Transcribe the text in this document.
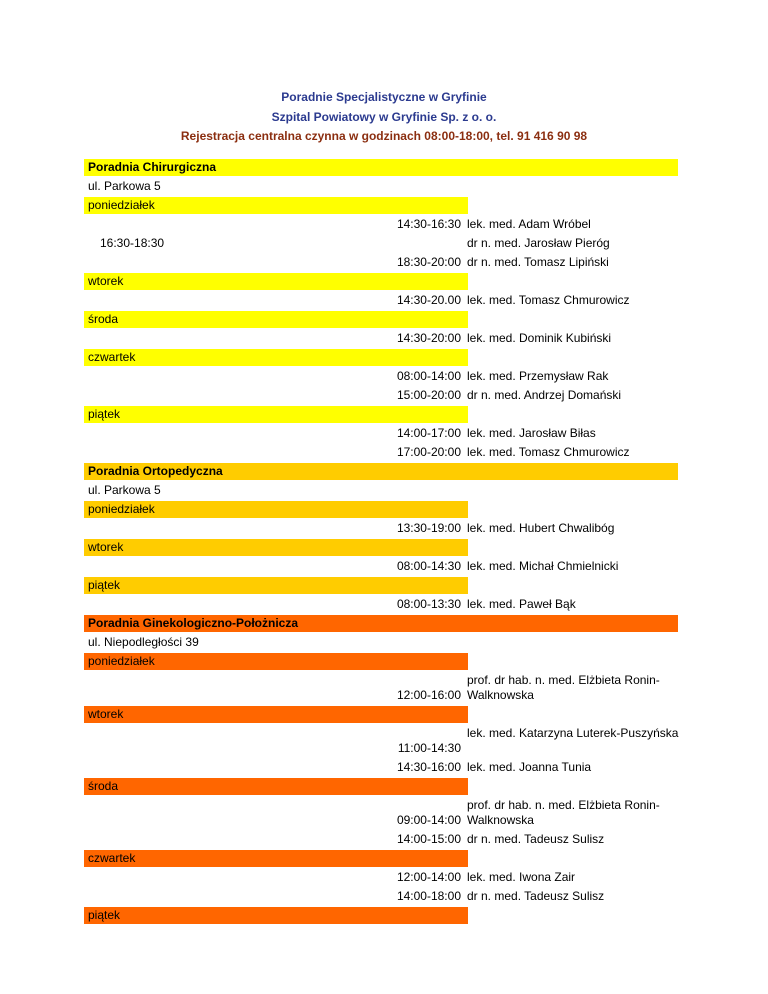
Poradnie Specjalistyczne w Gryfinie
Szpital Powiatowy w Gryfinie Sp. z o. o.
Rejestracja centralna czynna w godzinach 08:00-18:00, tel. 91 416 90 98
Poradnia Chirurgiczna
ul. Parkowa 5
poniedziałek
14:30-16:30 lek. med. Adam Wróbel
16:30-18:30	dr n. med. Jarosław Pieróg
18:30-20:00 dr n. med. Tomasz Lipiński
wtorek
14:30-20.00 lek. med. Tomasz Chmurowicz
środa
14:30-20:00 lek. med. Dominik Kubiński
czwartek
08:00-14:00 lek. med. Przemysław Rak
15:00-20:00 dr n. med. Andrzej Domański
piątek
14:00-17:00 lek. med. Jarosław Biłas
17:00-20:00 lek. med. Tomasz Chmurowicz
Poradnia Ortopedyczna
ul. Parkowa 5
poniedziałek
13:30-19:00 lek. med. Hubert Chwalibóg
wtorek
08:00-14:30 lek. med. Michał Chmielnicki
piątek
08:00-13:30 lek. med. Paweł Bąk
Poradnia Ginekologiczno-Położnicza
ul. Niepodległości 39
poniedziałek
12:00-16:00
prof. dr hab. n. med. Elżbieta Ronin-Walknowska
wtorek
11:00-14:30
lek. med. Katarzyna Luterek-Puszyńska
14:30-16:00 lek. med. Joanna Tunia
środa
09:00-14:00
prof. dr hab. n. med. Elżbieta Ronin-Walknowska
14:00-15:00 dr n. med. Tadeusz Sulisz
czwartek
12:00-14:00 lek. med. Iwona Zair
14:00-18:00 dr n. med. Tadeusz Sulisz
piątek
